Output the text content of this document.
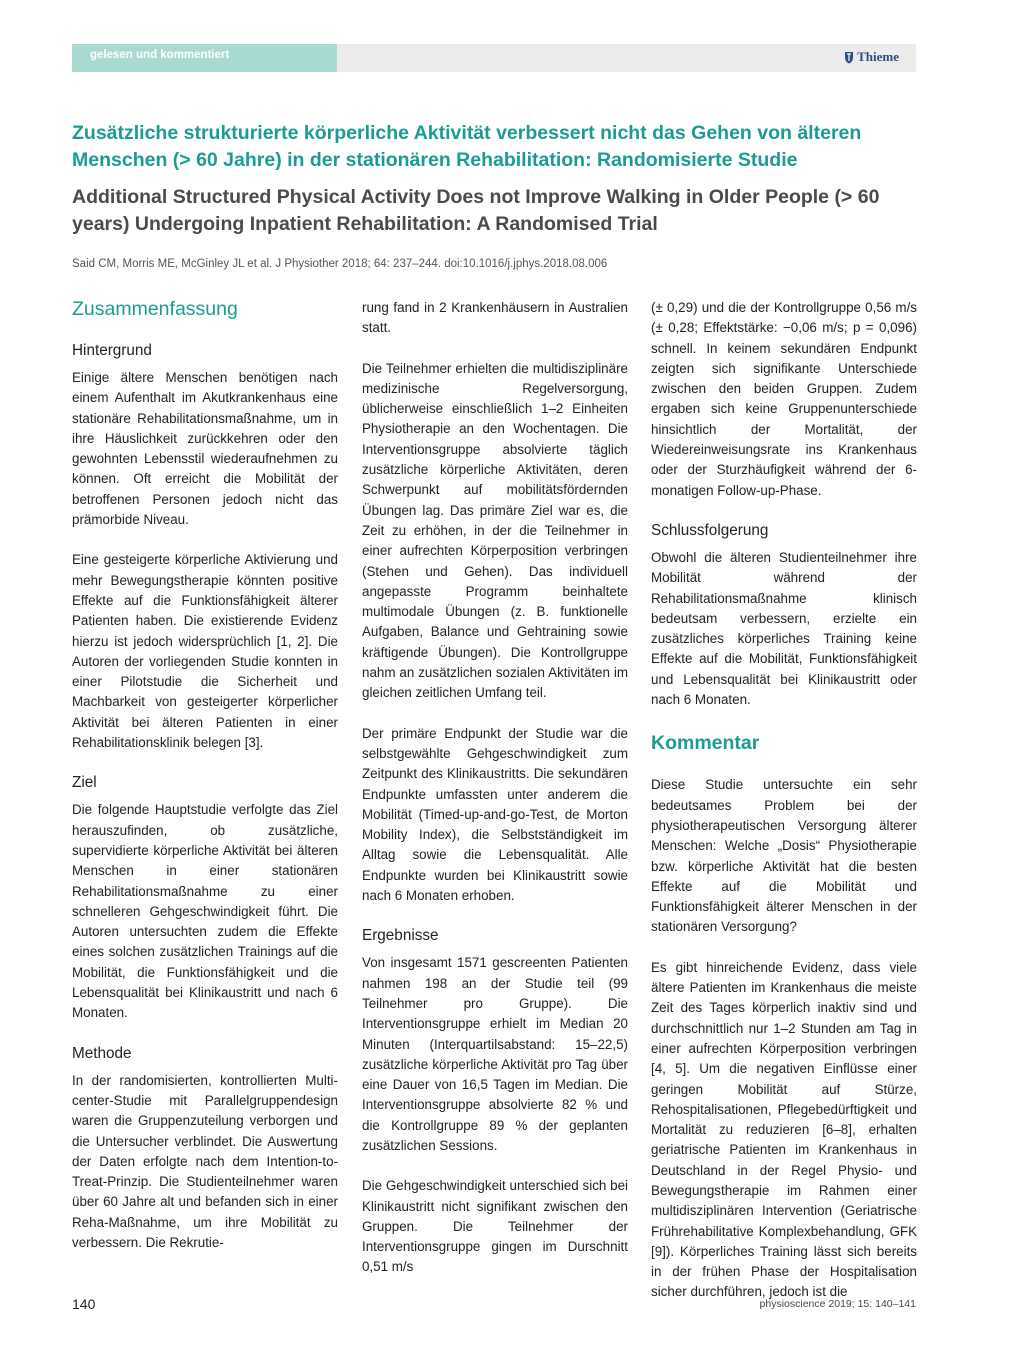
gelesen und kommentiert	Thieme
Zusätzliche strukturierte körperliche Aktivität verbessert nicht das Gehen von älteren Menschen (> 60 Jahre) in der stationären Rehabilitation: Randomisierte Studie
Additional Structured Physical Activity Does not Improve Walking in Older People (> 60 years) Undergoing Inpatient Rehabilitation: A Randomised Trial
Said CM, Morris ME, McGinley JL et al. J Physiother 2018; 64: 237–244. doi:10.1016/j.jphys.2018.08.006
Zusammenfassung
Hintergrund

Einige ältere Menschen benötigen nach einem Aufenthalt im Akutkrankenhaus eine stationäre Rehabilitationsmaßnahme, um in ihre Häuslichkeit zurückkehren oder den gewohnten Lebensstil wiederaufnehmen zu können. Oft erreicht die Mobilität der betroffenen Personen jedoch nicht das prämorbide Niveau.

Eine gesteigerte körperliche Aktivierung und mehr Bewegungstherapie könnten positive Effekte auf die Funktionsfähigkeit älterer Patienten haben. Die existierende Evidenz hierzu ist jedoch widersprüchlich [1, 2]. Die Autoren der vorliegenden Studie konnten in einer Pilotstudie die Sicherheit und Machbarkeit von gesteigerter körperlicher Aktivität bei älteren Patienten in einer Rehabilitationsklinik belegen [3].

Ziel

Die folgende Hauptstudie verfolgte das Ziel herauszufinden, ob zusätzliche, supervidierte körperliche Aktivität bei älteren Menschen in einer stationären Rehabilitationsmaßnahme zu einer schnelleren Gehgeschwindigkeit führt. Die Autoren untersuchten zudem die Effekte eines solchen zusätzlichen Trainings auf die Mobilität, die Funktionsfähigkeit und die Lebensqualität bei Klinikaustritt und nach 6 Monaten.

Methode

In der randomisierten, kontrollierten Multi-center-Studie mit Parallelgruppendesign waren die Gruppenzuteilung verborgen und die Untersucher verblindet. Die Auswertung der Daten erfolgte nach dem Intention-to-Treat-Prinzip. Die Studienteilnehmer waren über 60 Jahre alt und befanden sich in einer Reha-Maßnahme, um ihre Mobilität zu verbessern. Die Rekrutie-

rung fand in 2 Krankenhäusern in Australien statt.

Die Teilnehmer erhielten die multidisziplinäre medizinische Regelversorgung, üblicherweise einschließlich 1–2 Einheiten Physiotherapie an den Wochentagen. Die Interventionsgruppe absolvierte täglich zusätzliche körperliche Aktivitäten, deren Schwerpunkt auf mobilitätsfördernden Übungen lag. Das primäre Ziel war es, die Zeit zu erhöhen, in der die Teilnehmer in einer aufrechten Körperposition verbringen (Stehen und Gehen). Das individuell angepasste Programm beinhaltete multimodale Übungen (z. B. funktionelle Aufgaben, Balance und Gehtraining sowie kräftigende Übungen). Die Kontrollgruppe nahm an zusätzlichen sozialen Aktivitäten im gleichen zeitlichen Umfang teil.

Der primäre Endpunkt der Studie war die selbstgewählte Gehgeschwindigkeit zum Zeitpunkt des Klinikaustritts. Die sekundären Endpunkte umfassten unter anderem die Mobilität (Timed-up-and-go-Test, de Morton Mobility Index), die Selbstständigkeit im Alltag sowie die Lebensqualität. Alle Endpunkte wurden bei Klinikaustritt sowie nach 6 Monaten erhoben.

Ergebnisse

Von insgesamt 1571 gescreenten Patienten nahmen 198 an der Studie teil (99 Teilnehmer pro Gruppe). Die Interventionsgruppe erhielt im Median 20 Minuten (Interquartilsabstand: 15–22,5) zusätzliche körperliche Aktivität pro Tag über eine Dauer von 16,5 Tagen im Median. Die Interventionsgruppe absolvierte 82 % und die Kontrollgruppe 89 % der geplanten zusätzlichen Sessions.

Die Gehgeschwindigkeit unterschied sich bei Klinikaustritt nicht signifikant zwischen den Gruppen. Die Teilnehmer der Interventionsgruppe gingen im Durschnitt 0,51 m/s

(± 0,29) und die der Kontrollgruppe 0,56 m/s (± 0,28; Effektstärke: −0,06 m/s; p = 0,096) schnell. In keinem sekundären Endpunkt zeigten sich signifikante Unterschiede zwischen den beiden Gruppen. Zudem ergaben sich keine Gruppenunterschiede hinsichtlich der Mortalität, der Wiedereinweisungsrate ins Krankenhaus oder der Sturzhäufigkeit während der 6-monatigen Follow-up-Phase.

Schlussfolgerung

Obwohl die älteren Studienteilnehmer ihre Mobilität während der Rehabilitationsmaßnahme klinisch bedeutsam verbessern, erzielte ein zusätzliches körperliches Training keine Effekte auf die Mobilität, Funktionsfähigkeit und Lebensqualität bei Klinikaustritt oder nach 6 Monaten.

Kommentar

Diese Studie untersuchte ein sehr bedeutsames Problem bei der physiotherapeutischen Versorgung älterer Menschen: Welche „Dosis“ Physiotherapie bzw. körperliche Aktivität hat die besten Effekte auf die Mobilität und Funktionsfähigkeit älterer Menschen in der stationären Versorgung?

Es gibt hinreichende Evidenz, dass viele ältere Patienten im Krankenhaus die meiste Zeit des Tages körperlich inaktiv sind und durchschnittlich nur 1–2 Stunden am Tag in einer aufrechten Körperposition verbringen [4, 5]. Um die negativen Einflüsse einer geringen Mobilität auf Stürze, Rehospitalisationen, Pflegebedürftigkeit und Mortalität zu reduzieren [6–8], erhalten geriatrische Patienten im Krankenhaus in Deutschland in der Regel Physio- und Bewegungstherapie im Rahmen einer multidisziplinären Intervention (Geriatrische Frührehabilitative Komplexbehandlung, GFK [9]). Körperliches Training lässt sich bereits in der frühen Phase der Hospitalisation sicher durchführen, jedoch ist die

140	physioscience 2019; 15: 140–141
